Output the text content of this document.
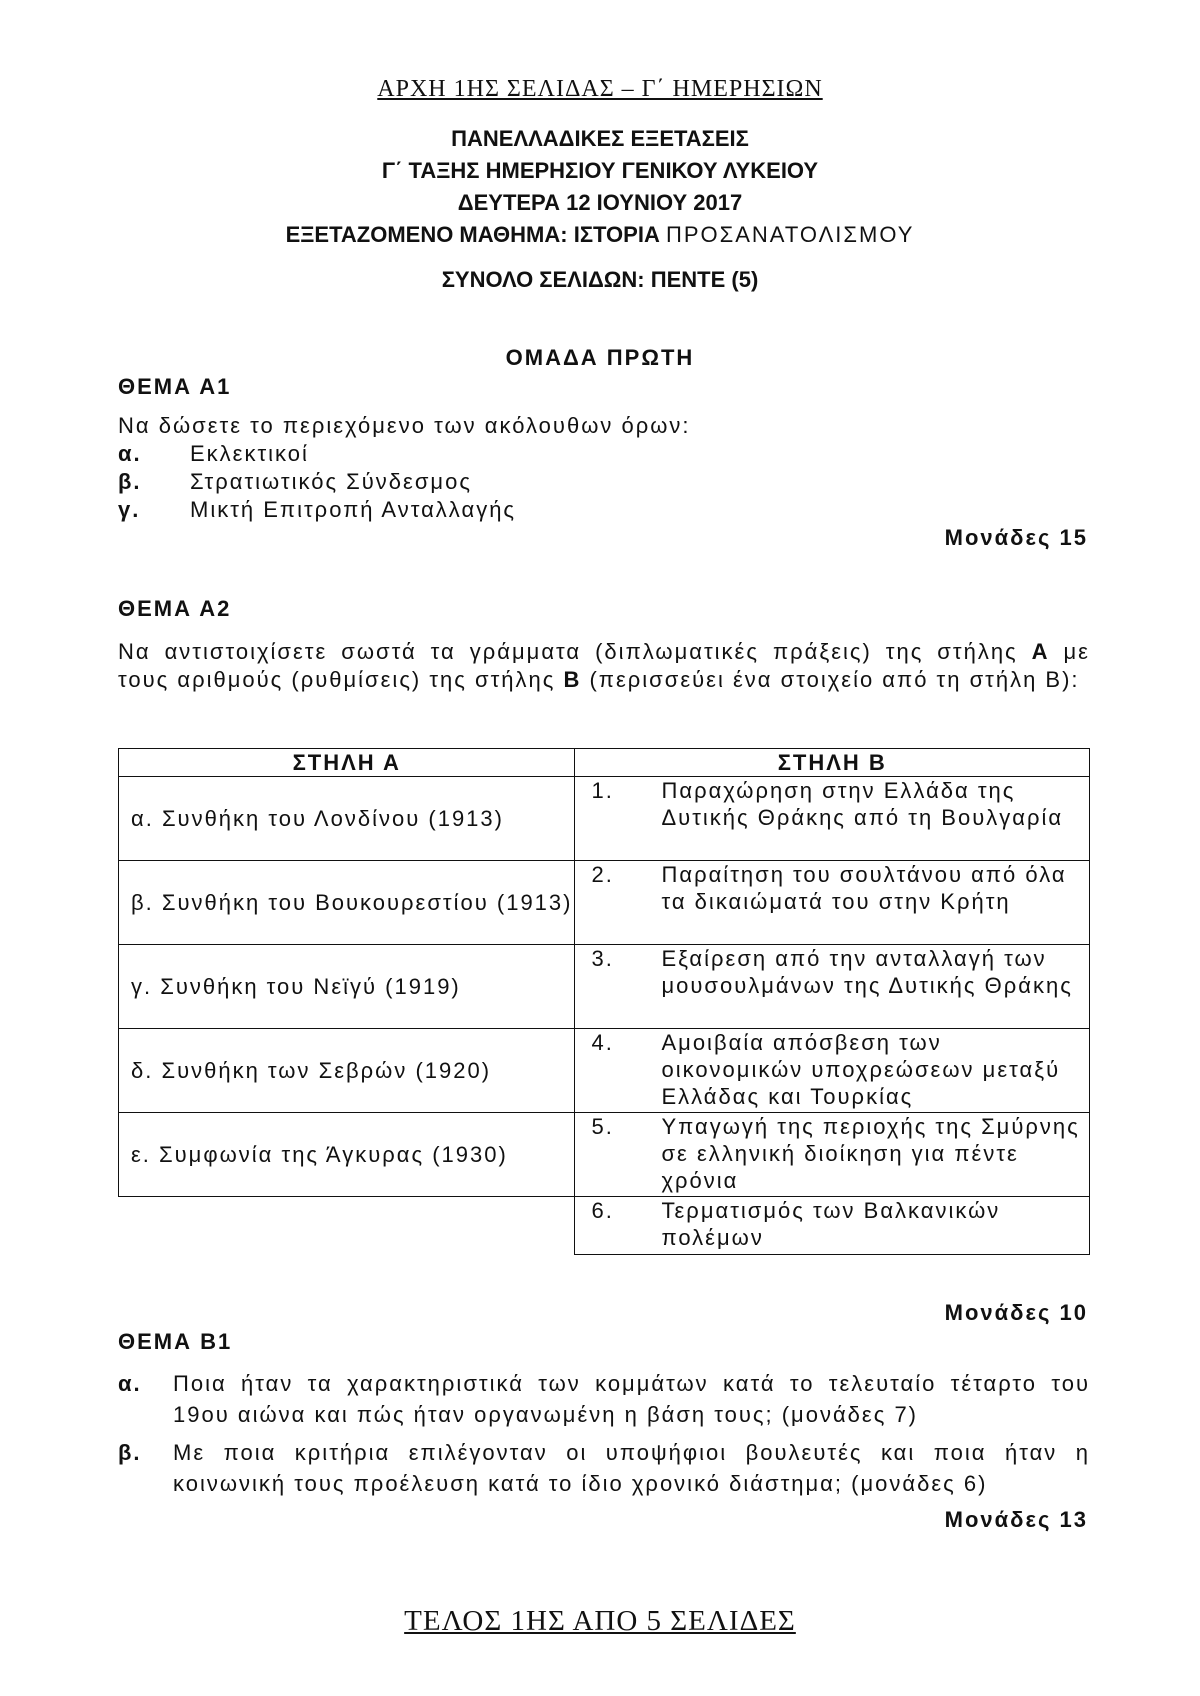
ΑΡΧΗ 1ΗΣ ΣΕΛΙΔΑΣ – Γ΄ ΗΜΕΡΗΣΙΩΝ
ΠΑΝΕΛΛΑΔΙΚΕΣ ΕΞΕΤΑΣΕΙΣ
Γ΄ ΤΑΞΗΣ ΗΜΕΡΗΣΙΟΥ ΓΕΝΙΚΟΥ ΛΥΚΕΙΟΥ
ΔΕΥΤΕΡΑ 12 ΙΟΥΝΙΟΥ 2017
ΕΞΕΤΑΖΟΜΕΝΟ ΜΑΘΗΜΑ: ΙΣΤΟΡΙΑ ΠΡΟΣΑΝΑΤΟΛΙΣΜΟΥ
ΣΥΝΟΛΟ ΣΕΛΙΔΩΝ: ΠΕΝΤΕ (5)
ΟΜΑΔΑ ΠΡΩΤΗ
ΘΕΜΑ Α1
Να δώσετε το περιεχόμενο των ακόλουθων όρων:
α. Εκλεκτικοί
β. Στρατιωτικός Σύνδεσμος
γ. Μικτή Επιτροπή Ανταλλαγής
Μονάδες 15
ΘΕΜΑ Α2
Να αντιστοιχίσετε σωστά τα γράμματα (διπλωματικές πράξεις) της στήλης Α με τους αριθμούς (ρυθμίσεις) της στήλης Β (περισσεύει ένα στοιχείο από τη στήλη Β):
ΣΤΗΛΗ Α	ΣΤΗΛΗ Β
α. Συνθήκη του Λονδίνου (1913)	1. Παραχώρηση στην Ελλάδα της Δυτικής Θράκης από τη Βουλγαρία

β. Συνθήκη του Βουκουρεστίου (1913)	2. Παραίτηση του σουλτάνου από όλα τα δικαιώματά του στην Κρήτη

γ. Συνθήκη του Νεϊγύ (1919)	3. Εξαίρεση από την ανταλλαγή των μουσουλμάνων της Δυτικής Θράκης

δ. Συνθήκη των Σεβρών (1920)	4. Αμοιβαία απόσβεση των οικονομικών υποχρεώσεων μεταξύ Ελλάδας και Τουρκίας

ε. Συμφωνία της Άγκυρας (1930)	5. Υπαγωγή της περιοχής της Σμύρνης σε ελληνική διοίκηση για πέντε χρόνια

	6. Τερματισμός των Βαλκανικών πολέμων
Μονάδες 10
ΘΕΜΑ Β1
α.	Ποια ήταν τα χαρακτηριστικά των κομμάτων κατά το τελευταίο τέταρτο του 19ου αιώνα και πώς ήταν οργανωμένη η βάση τους; (μονάδες 7)
β.	Με ποια κριτήρια επιλέγονταν οι υποψήφιοι βουλευτές και ποια ήταν η κοινωνική τους προέλευση κατά το ίδιο χρονικό διάστημα; (μονάδες 6)
Μονάδες 13
ΤΕΛΟΣ 1ΗΣ ΑΠΟ 5 ΣΕΛΙΔΕΣ
